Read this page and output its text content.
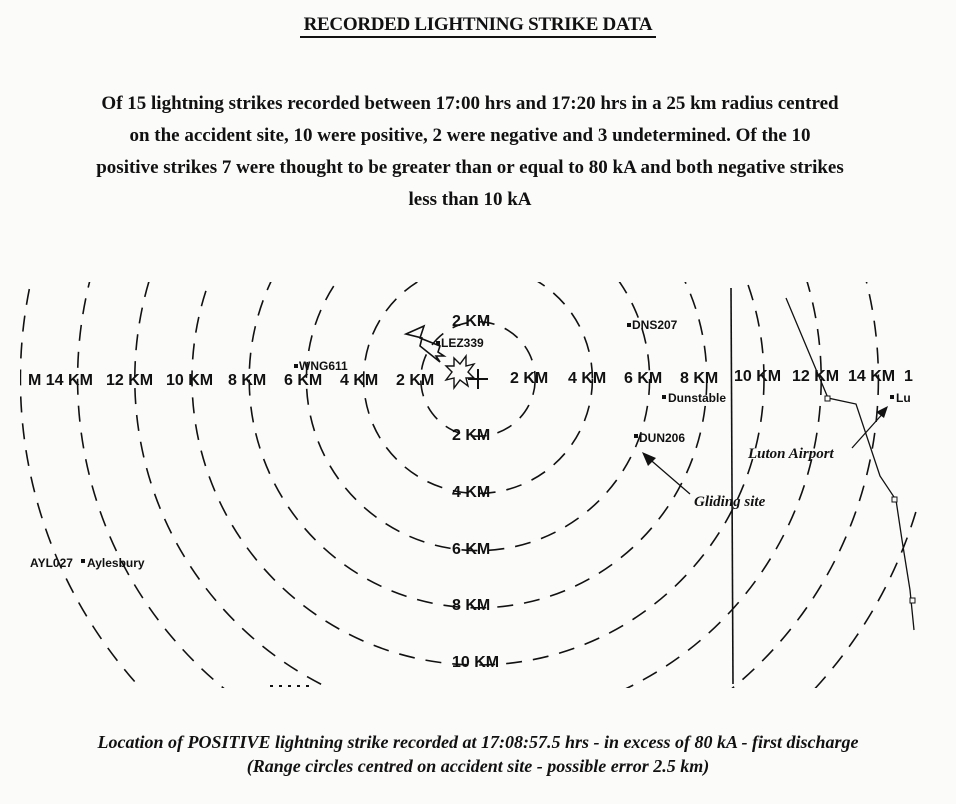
RECORDED LIGHTNING STRIKE DATA
Of 15 lightning strikes recorded between 17:00 hrs and 17:20 hrs in a 25 km radius centred
on the accident site, 10 were positive, 2 were negative and 3 undetermined. Of the 10
positive strikes 7 were thought to be greater than or equal to 80 kA and both negative strikes
less than 10 kA
M 14 KM 12 KM 10 KM 8 KM 6 KM 4 KM 2 KM	2 KM 4 KM 6 KM 8 KM 10 KM 12 KM 14 KM 1
2 KM
2 KM
4 KM
6 KM
8 KM
10 KM
LEZ339
WNG611
DNS207
DUN206
AYL027
Dunstable
Aylesbury
Lu
Luton Airport
Gliding site
Location of POSITIVE lightning strike recorded at 17:08:57.5 hrs - in excess of 80 kA - first discharge
(Range circles centred on accident site - possible error 2.5 km)
